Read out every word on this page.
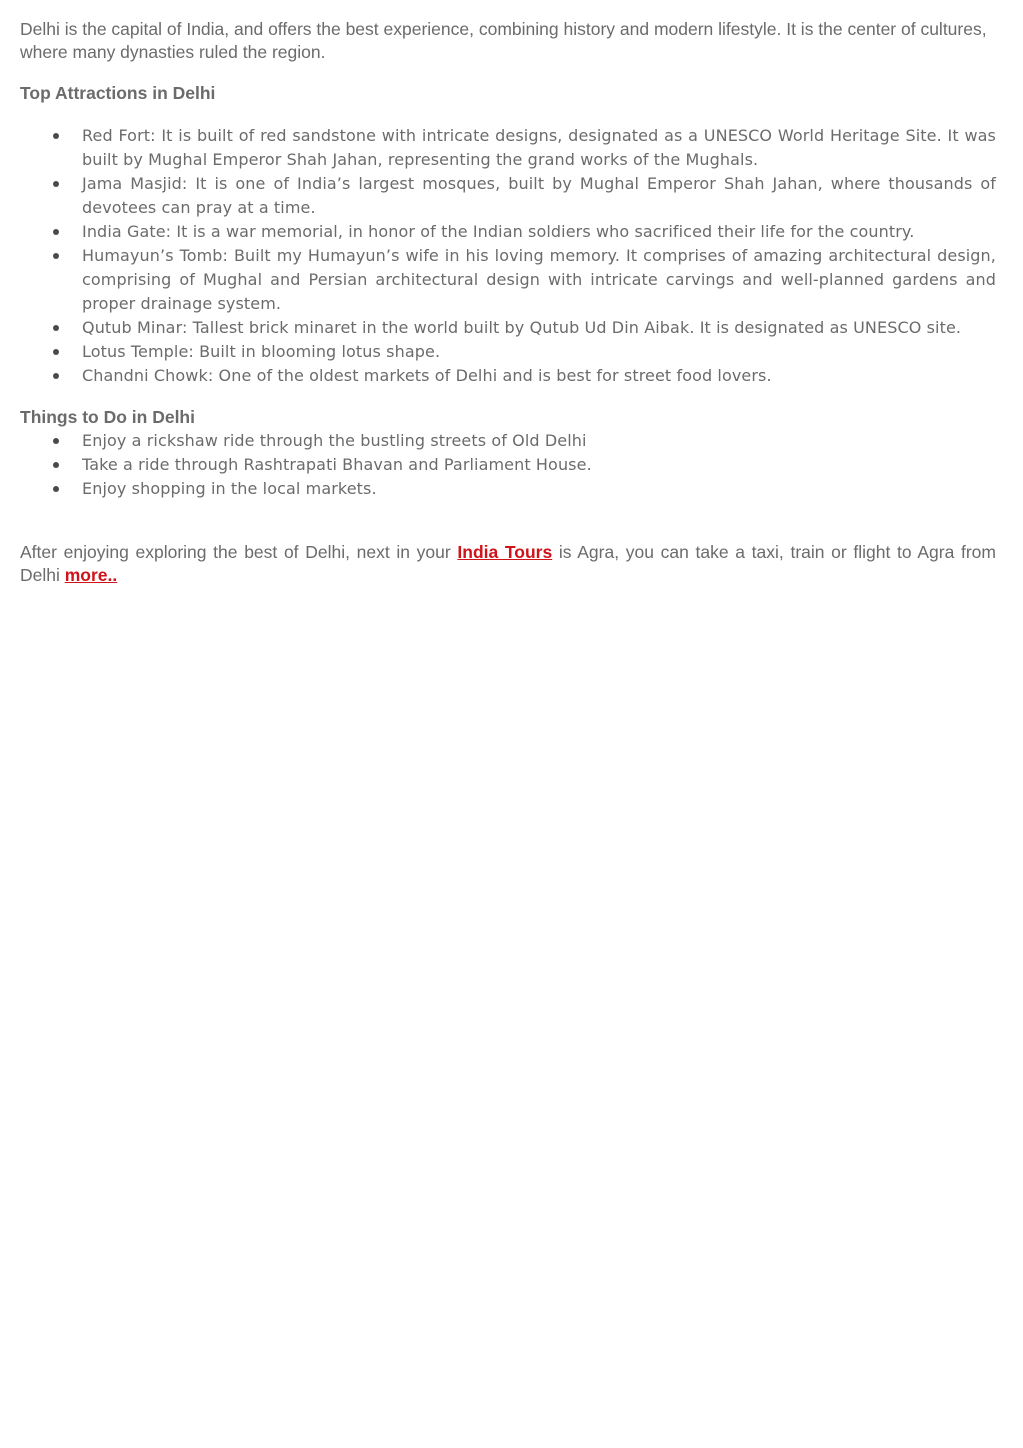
Delhi is the capital of India, and offers the best experience, combining history and modern lifestyle. It is the center of cultures, where many dynasties ruled the region.

Top Attractions in Delhi
Red Fort: It is built of red sandstone with intricate designs, designated as a UNESCO World Heritage Site. It was built by Mughal Emperor Shah Jahan, representing the grand works of the Mughals.
Jama Masjid: It is one of India’s largest mosques, built by Mughal Emperor Shah Jahan, where thousands of devotees can pray at a time.
India Gate: It is a war memorial, in honor of the Indian soldiers who sacrificed their life for the country.
Humayun’s Tomb: Built my Humayun’s wife in his loving memory. It comprises of amazing architectural design, comprising of Mughal and Persian architectural design with intricate carvings and well-planned gardens and proper drainage system.
Qutub Minar: Tallest brick minaret in the world built by Qutub Ud Din Aibak. It is designated as UNESCO site.
Lotus Temple: Built in blooming lotus shape.
Chandni Chowk: One of the oldest markets of Delhi and is best for street food lovers.
Things to Do in Delhi
Enjoy a rickshaw ride through the bustling streets of Old Delhi
Take a ride through Rashtrapati Bhavan and Parliament House.
Enjoy shopping in the local markets.

After enjoying exploring the best of Delhi, next in your India Tours is Agra, you can take a taxi, train or flight to Agra from Delhi more..
